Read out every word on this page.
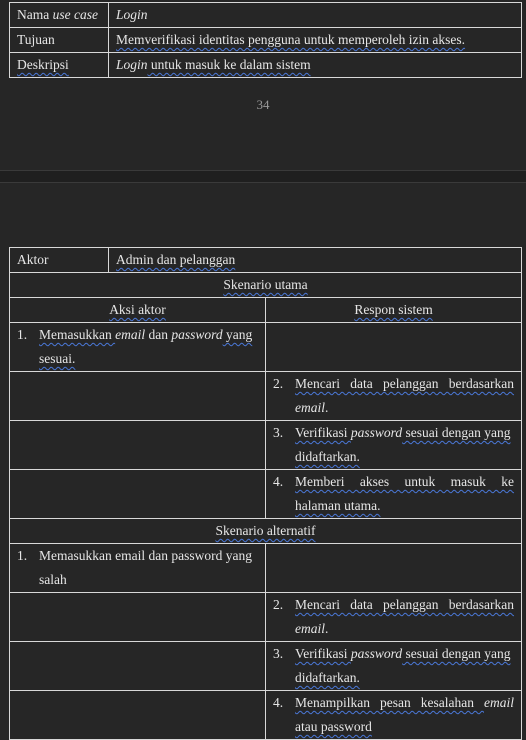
Nama use case	Login
Tujuan	Memverifikasi identitas pengguna untuk memperoleh izin akses.
Deskripsi	Login untuk masuk ke dalam sistem
34
Aktor	Admin dan pelanggan	
Skenario utama		
Aksi aktor		Respon sistem

1. Memasukkan email dan password yang sesuai.		

		2. Mencari data pelanggan berdasarkan email.

		3. Verifikasi password sesuai dengan yang didaftarkan.

		4. Memberi akses untuk masuk ke halaman utama.

Skenario alternatif		

1. Memasukkan email dan password yang salah		

		2. Mencari data pelanggan berdasarkan email.

		3. Verifikasi password sesuai dengan yang didaftarkan.

		4. Menampilkan pesan kesalahan email atau password
